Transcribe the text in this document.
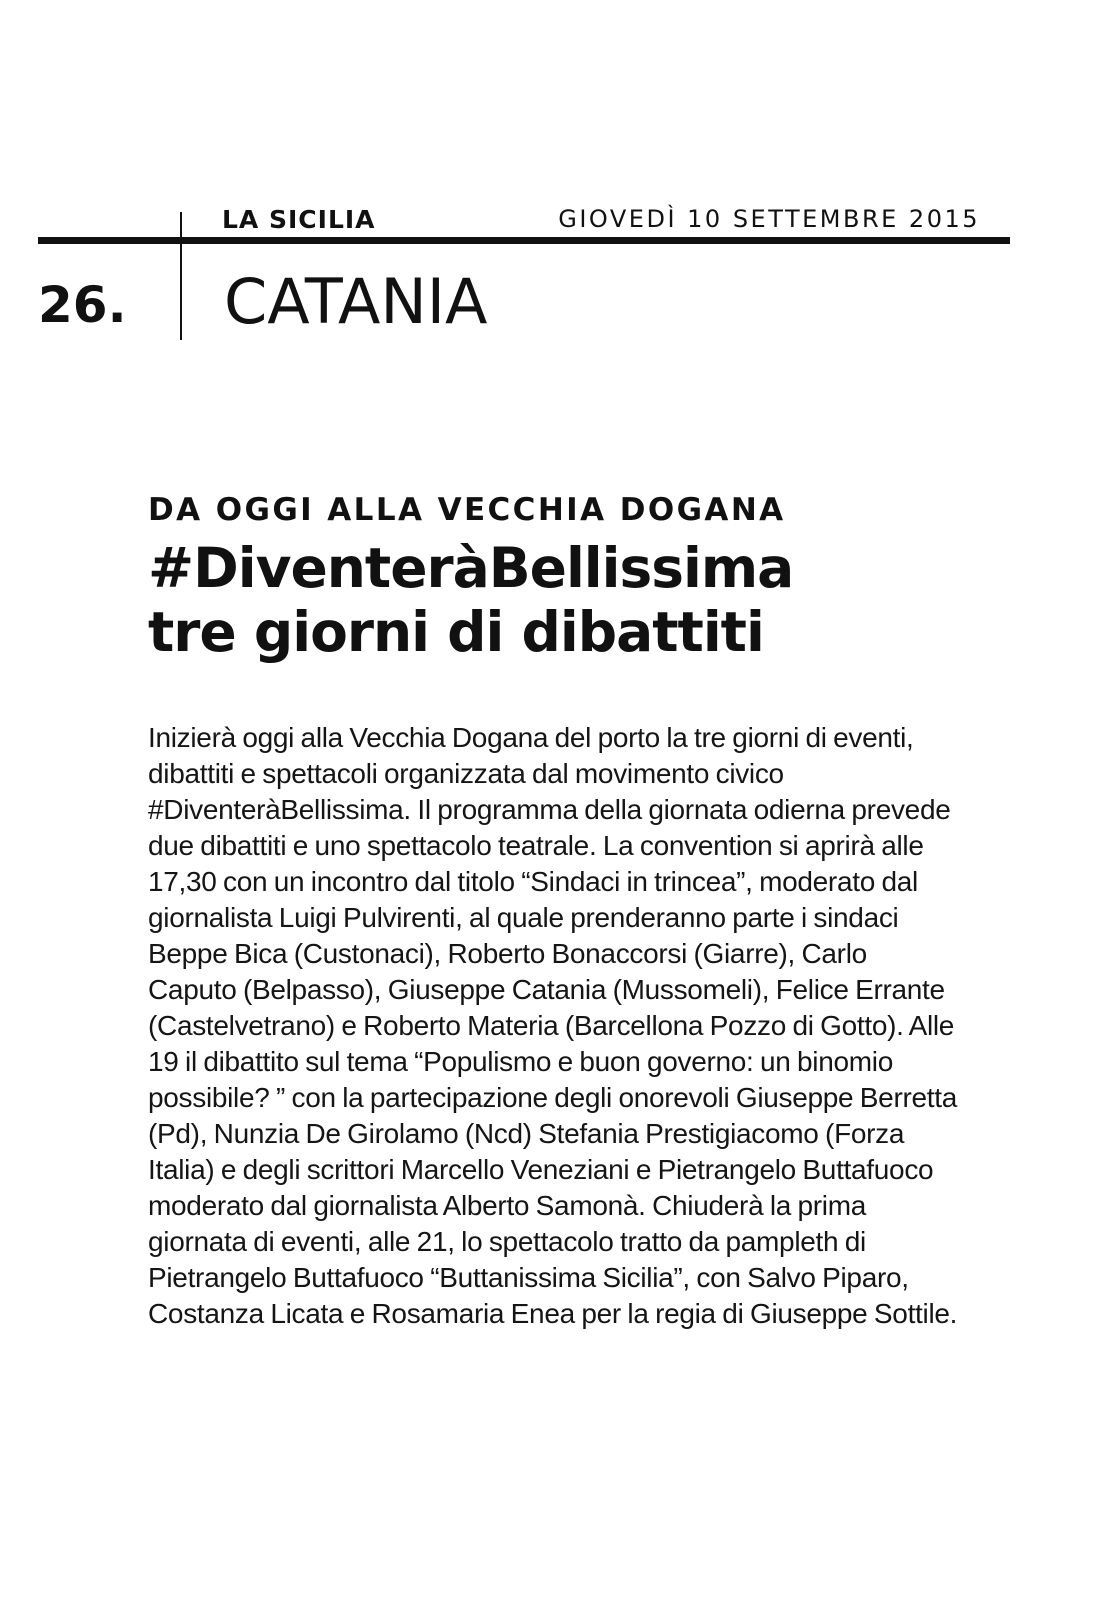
LA SICILIA	GIOVEDÌ 10 SETTEMBRE 2015
26. CATANIA

DA OGGI ALLA VECCHIA DOGANA

#DiventeràBellissima
tre giorni di dibattiti
Inizierà oggi alla Vecchia Dogana del porto la tre giorni di eventi, dibattiti e spettacoli organizzata dal movimento civico #DiventeràBellissima. Il programma della giornata odierna prevede due dibattiti e uno spettacolo teatrale. La convention si aprirà alle 17,30 con un incontro dal titolo “Sindaci in trincea”, moderato dal giornalista Luigi Pulvirenti, al quale prenderanno parte i sindaci Beppe Bica (Custonaci), Roberto Bonaccorsi (Giarre), Carlo Caputo (Belpasso), Giuseppe Catania (Mussomeli), Felice Errante (Castelvetrano) e Roberto Materia (Barcellona Pozzo di Gotto). Alle 19 il dibattito sul tema “Populismo e buon governo: un binomio possibile? ” con la partecipazione degli onorevoli Giuseppe Berretta (Pd), Nunzia De Girolamo (Ncd) Stefania Prestigiacomo (Forza Italia) e degli scrittori Marcello Veneziani e Pietrangelo Buttafuoco moderato dal giornalista Alberto Samonà. Chiuderà la prima giornata di eventi, alle 21, lo spettacolo tratto da pampleth di Pietrangelo Buttafuoco “Buttanissima Sicilia”, con Salvo Piparo, Costanza Licata e Rosamaria Enea per la regia di Giuseppe Sottile.
